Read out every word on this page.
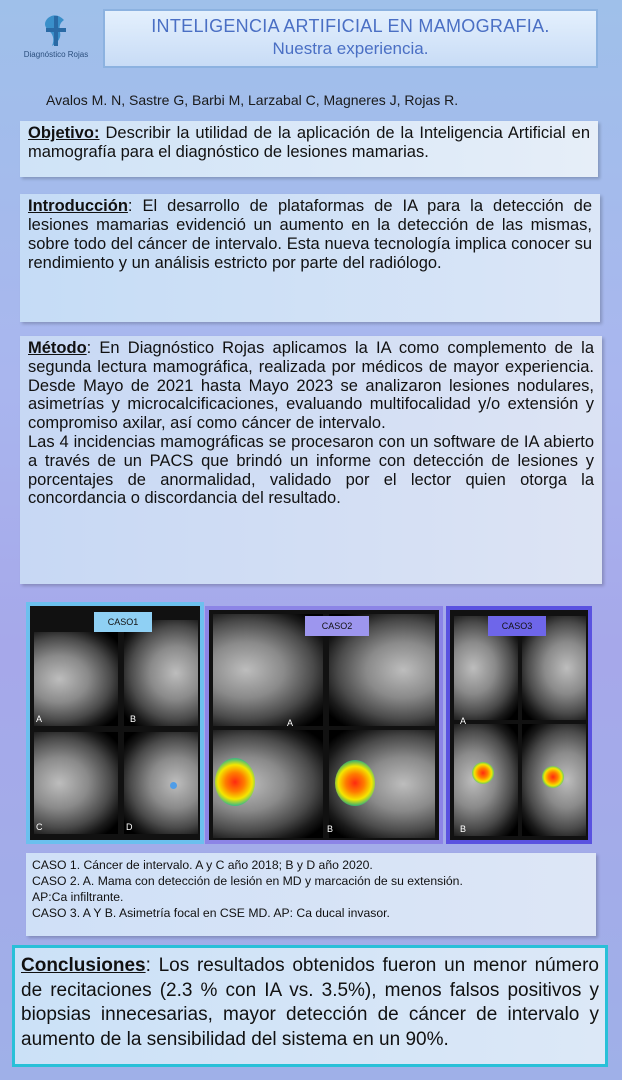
Diagnóstico Rojas
INTELIGENCIA ARTIFICIAL EN MAMOGRAFIA.
Nuestra experiencia.
Avalos M. N, Sastre G, Barbi M, Larzabal C, Magneres J, Rojas R.
Objetivo: Describir la utilidad de la aplicación de la Inteligencia Artificial en mamografía para el diagnóstico de lesiones mamarias.
Introducción: El desarrollo de plataformas de IA para la detección de lesiones mamarias evidenció un aumento en la detección de las mismas, sobre todo del cáncer de intervalo. Esta nueva tecnología implica conocer su rendimiento y un análisis estricto por parte del radiólogo.
Método: En Diagnóstico Rojas aplicamos la IA como complemento de la segunda lectura mamográfica, realizada por médicos de mayor experiencia. Desde Mayo de 2021 hasta Mayo 2023 se analizaron lesiones nodulares, asimetrías y microcalcificaciones, evaluando multifocalidad y/o extensión y compromiso axilar, así como cáncer de intervalo.
Las 4 incidencias mamográficas se procesaron con un software de IA abierto a través de un PACS que brindó un informe con detección de lesiones y porcentajes de anormalidad, validado por el lector quien otorga la concordancia o discordancia del resultado.
CASO1
A	B
C	D
CASO2
A
B
CASO3
A
B
CASO 1. Cáncer de intervalo. A y C año 2018; B y D año 2020.
CASO 2. A. Mama con detección de lesión en MD y marcación de su extensión.
AP:Ca infiltrante.
CASO 3. A Y B. Asimetría focal en CSE MD. AP: Ca ducal invasor.
Conclusiones: Los resultados obtenidos fueron un menor número de recitaciones (2.3 % con IA vs. 3.5%), menos falsos positivos y biopsias innecesarias, mayor detección de cáncer de intervalo y aumento de la sensibilidad del sistema en un 90%.
